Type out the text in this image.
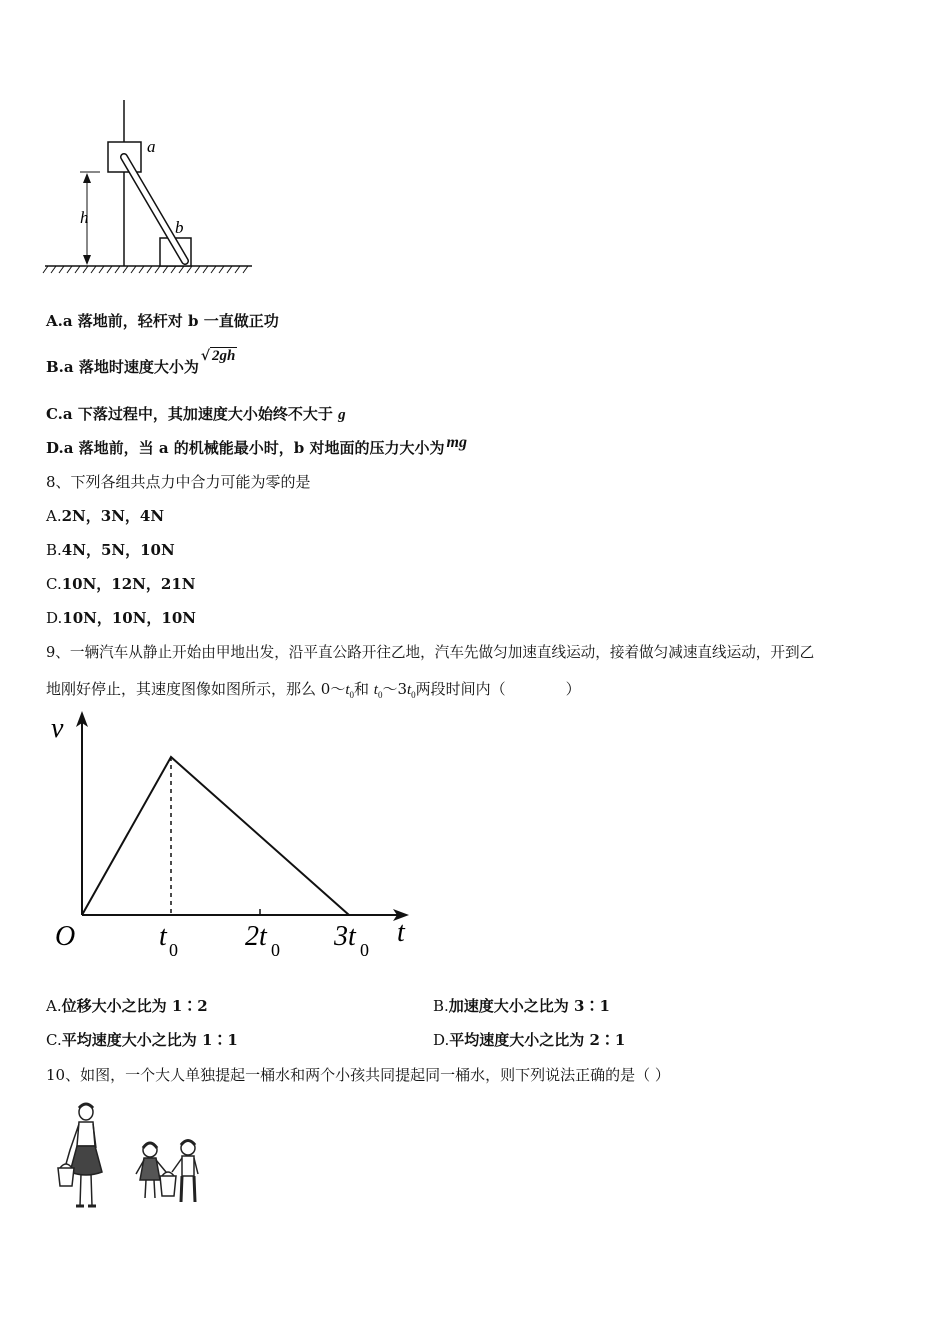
h
a
b
A.a 落地前，轻杆对 b 一直做正功
B.a 落地时速度大小为√ 2gh
C.a 下落过程中，其加速度大小始终不大于 g
D.a 落地前，当 a 的机械能最小时，b 对地面的压力大小为 mg
8、下列各组共点力中合力可能为零的是
A.2N，3N，4N
B.4N，5N，10N
C.10N，12N，21N
D.10N，10N，10N
9、一辆汽车从静止开始由甲地出发，沿平直公路开往乙地，汽车先做匀加速直线运动，接着做匀减速直线运动，开到乙
地刚好停止，其速度图像如图所示，那么 $0\sim t_0$和 $t_0\sim 3t_0$两段时间内（　　　　）
v
t
O	t 0 2t 0 3t 0
A.位移大小之比为 1∶2	B.加速度大小之比为 3∶1
C.平均速度大小之比为 1∶1	D.平均速度大小之比为 2∶1
10、如图，一个大人单独提起一桶水和两个小孩共同提起同一桶水，则下列说法正确的是（ ）
